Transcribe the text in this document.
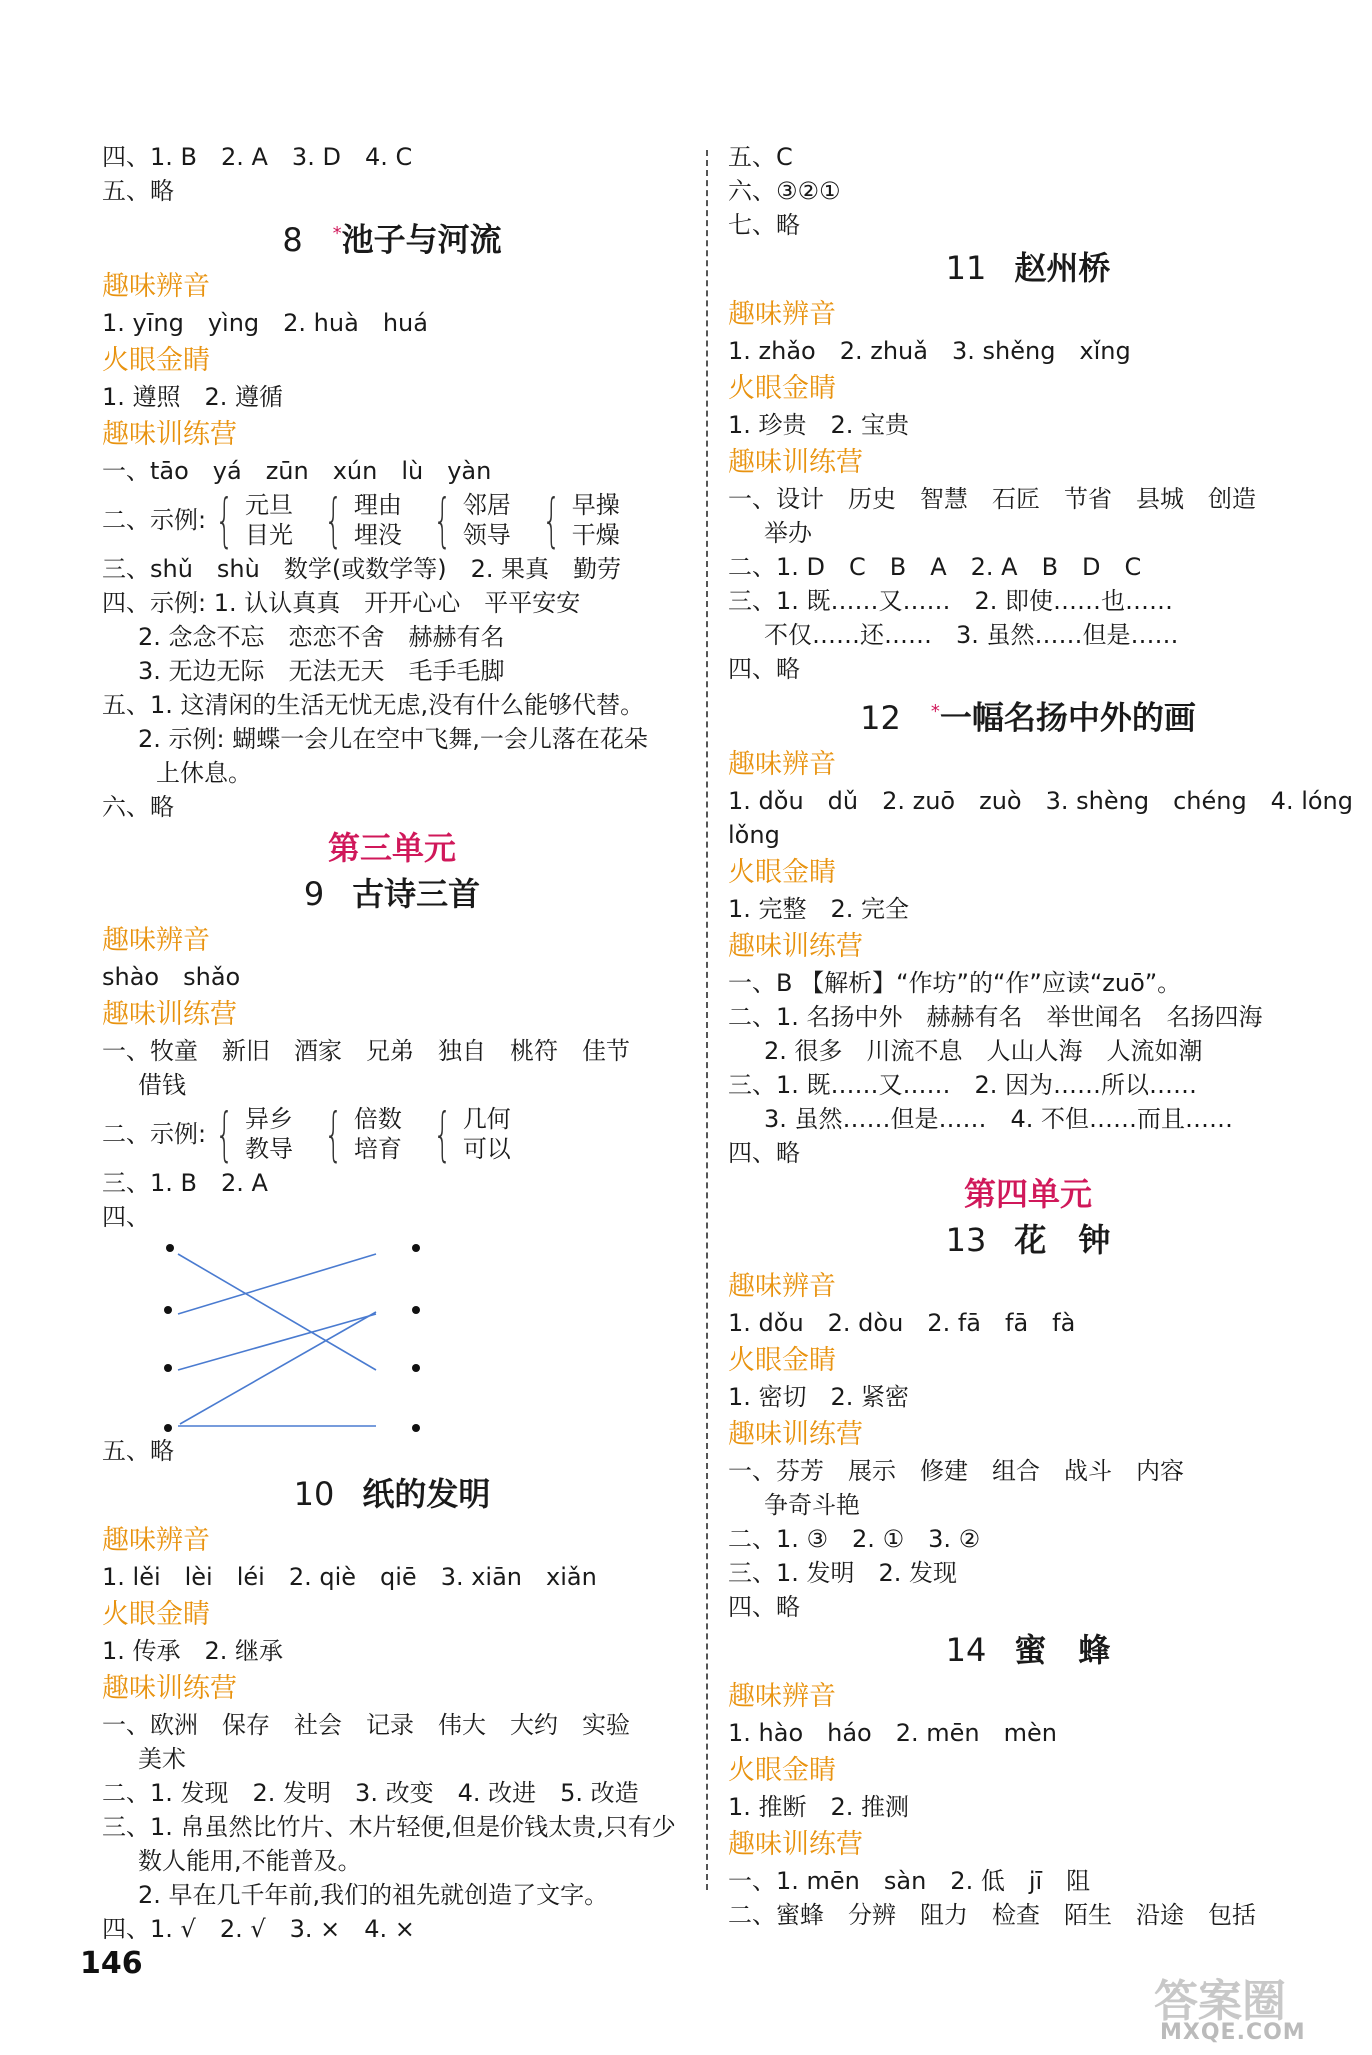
四、1. B　2. A　3. D　4. C
五、略
8 *池子与河流
趣味辨音
1. yīng　yìng　2. huà　huá
火眼金睛
1. 遵照　2. 遵循
趣味训练营
一、tāo　yá　zūn　xún　lù　yàn
二、示例: { 元旦
目光 { 理由
埋没 { 邻居
领导 { 早操
干燥
三、shǔ　shù　数学(或数学等)　2. 果真　勤劳
四、示例: 1. 认认真真　开开心心　平平安安
2. 念念不忘　恋恋不舍　赫赫有名
3. 无边无际　无法无天　毛手毛脚
五、1. 这清闲的生活无忧无虑,没有什么能够代替。
2. 示例: 蝴蝶一会儿在空中飞舞,一会儿落在花朵
上休息。
六、略
第三单元
9 古诗三首
趣味辨音
shào　shǎo
趣味训练营
一、牧童　新旧　酒家　兄弟　独自　桃符　佳节
借钱
二、示例: { 异乡
教导 { 倍数
培育 { 几何
可以
三、1. B　2. A
四、
五、略
10 纸的发明
趣味辨音
1. lěi　lèi　léi　2. qiè　qiē　3. xiān　xiǎn
火眼金睛
1. 传承　2. 继承
趣味训练营
一、欧洲　保存　社会　记录　伟大　大约　实验
美术
二、1. 发现　2. 发明　3. 改变　4. 改进　5. 改造
三、1. 帛虽然比竹片、木片轻便,但是价钱太贵,只有少
数人能用,不能普及。
2. 早在几千年前,我们的祖先就创造了文字。
四、1. √　2. √　3. ×　4. ×
五、C
六、③②①
七、略
11 赵州桥
趣味辨音
1. zhǎo　2. zhuǎ　3. shěng　xǐng
火眼金睛
1. 珍贵　2. 宝贵
趣味训练营
一、设计　历史　智慧　石匠　节省　县城　创造
举办
二、1. D　C　B　A　2. A　B　D　C
三、1. 既……又……　2. 即使……也……
不仅……还……　3. 虽然……但是……
四、略
12 *一幅名扬中外的画
趣味辨音
1. dǒu　dǔ　2. zuō　zuò　3. shèng　chéng　4. lóng
lǒng
火眼金睛
1. 完整　2. 完全
趣味训练营
一、B 【解析】“作坊”的“作”应读“zuō”。
二、1. 名扬中外　赫赫有名　举世闻名　名扬四海
2. 很多　川流不息　人山人海　人流如潮
三、1. 既……又……　2. 因为……所以……
3. 虽然……但是……　4. 不但……而且……
四、略
第四单元
13 花　钟
趣味辨音
1. dǒu　2. dòu　2. fā　fā　fà
火眼金睛
1. 密切　2. 紧密
趣味训练营
一、芬芳　展示　修建　组合　战斗　内容
争奇斗艳
二、1. ③　2. ①　3. ②
三、1. 发明　2. 发现
四、略
14 蜜　蜂
趣味辨音
1. hào　háo　2. mēn　mèn
火眼金睛
1. 推断　2. 推测
趣味训练营
一、1. mēn　sàn　2. 低　jī　阻
二、蜜蜂　分辨　阻力　检查　陌生　沿途　包括
146
答案圈
MXQE.COM
